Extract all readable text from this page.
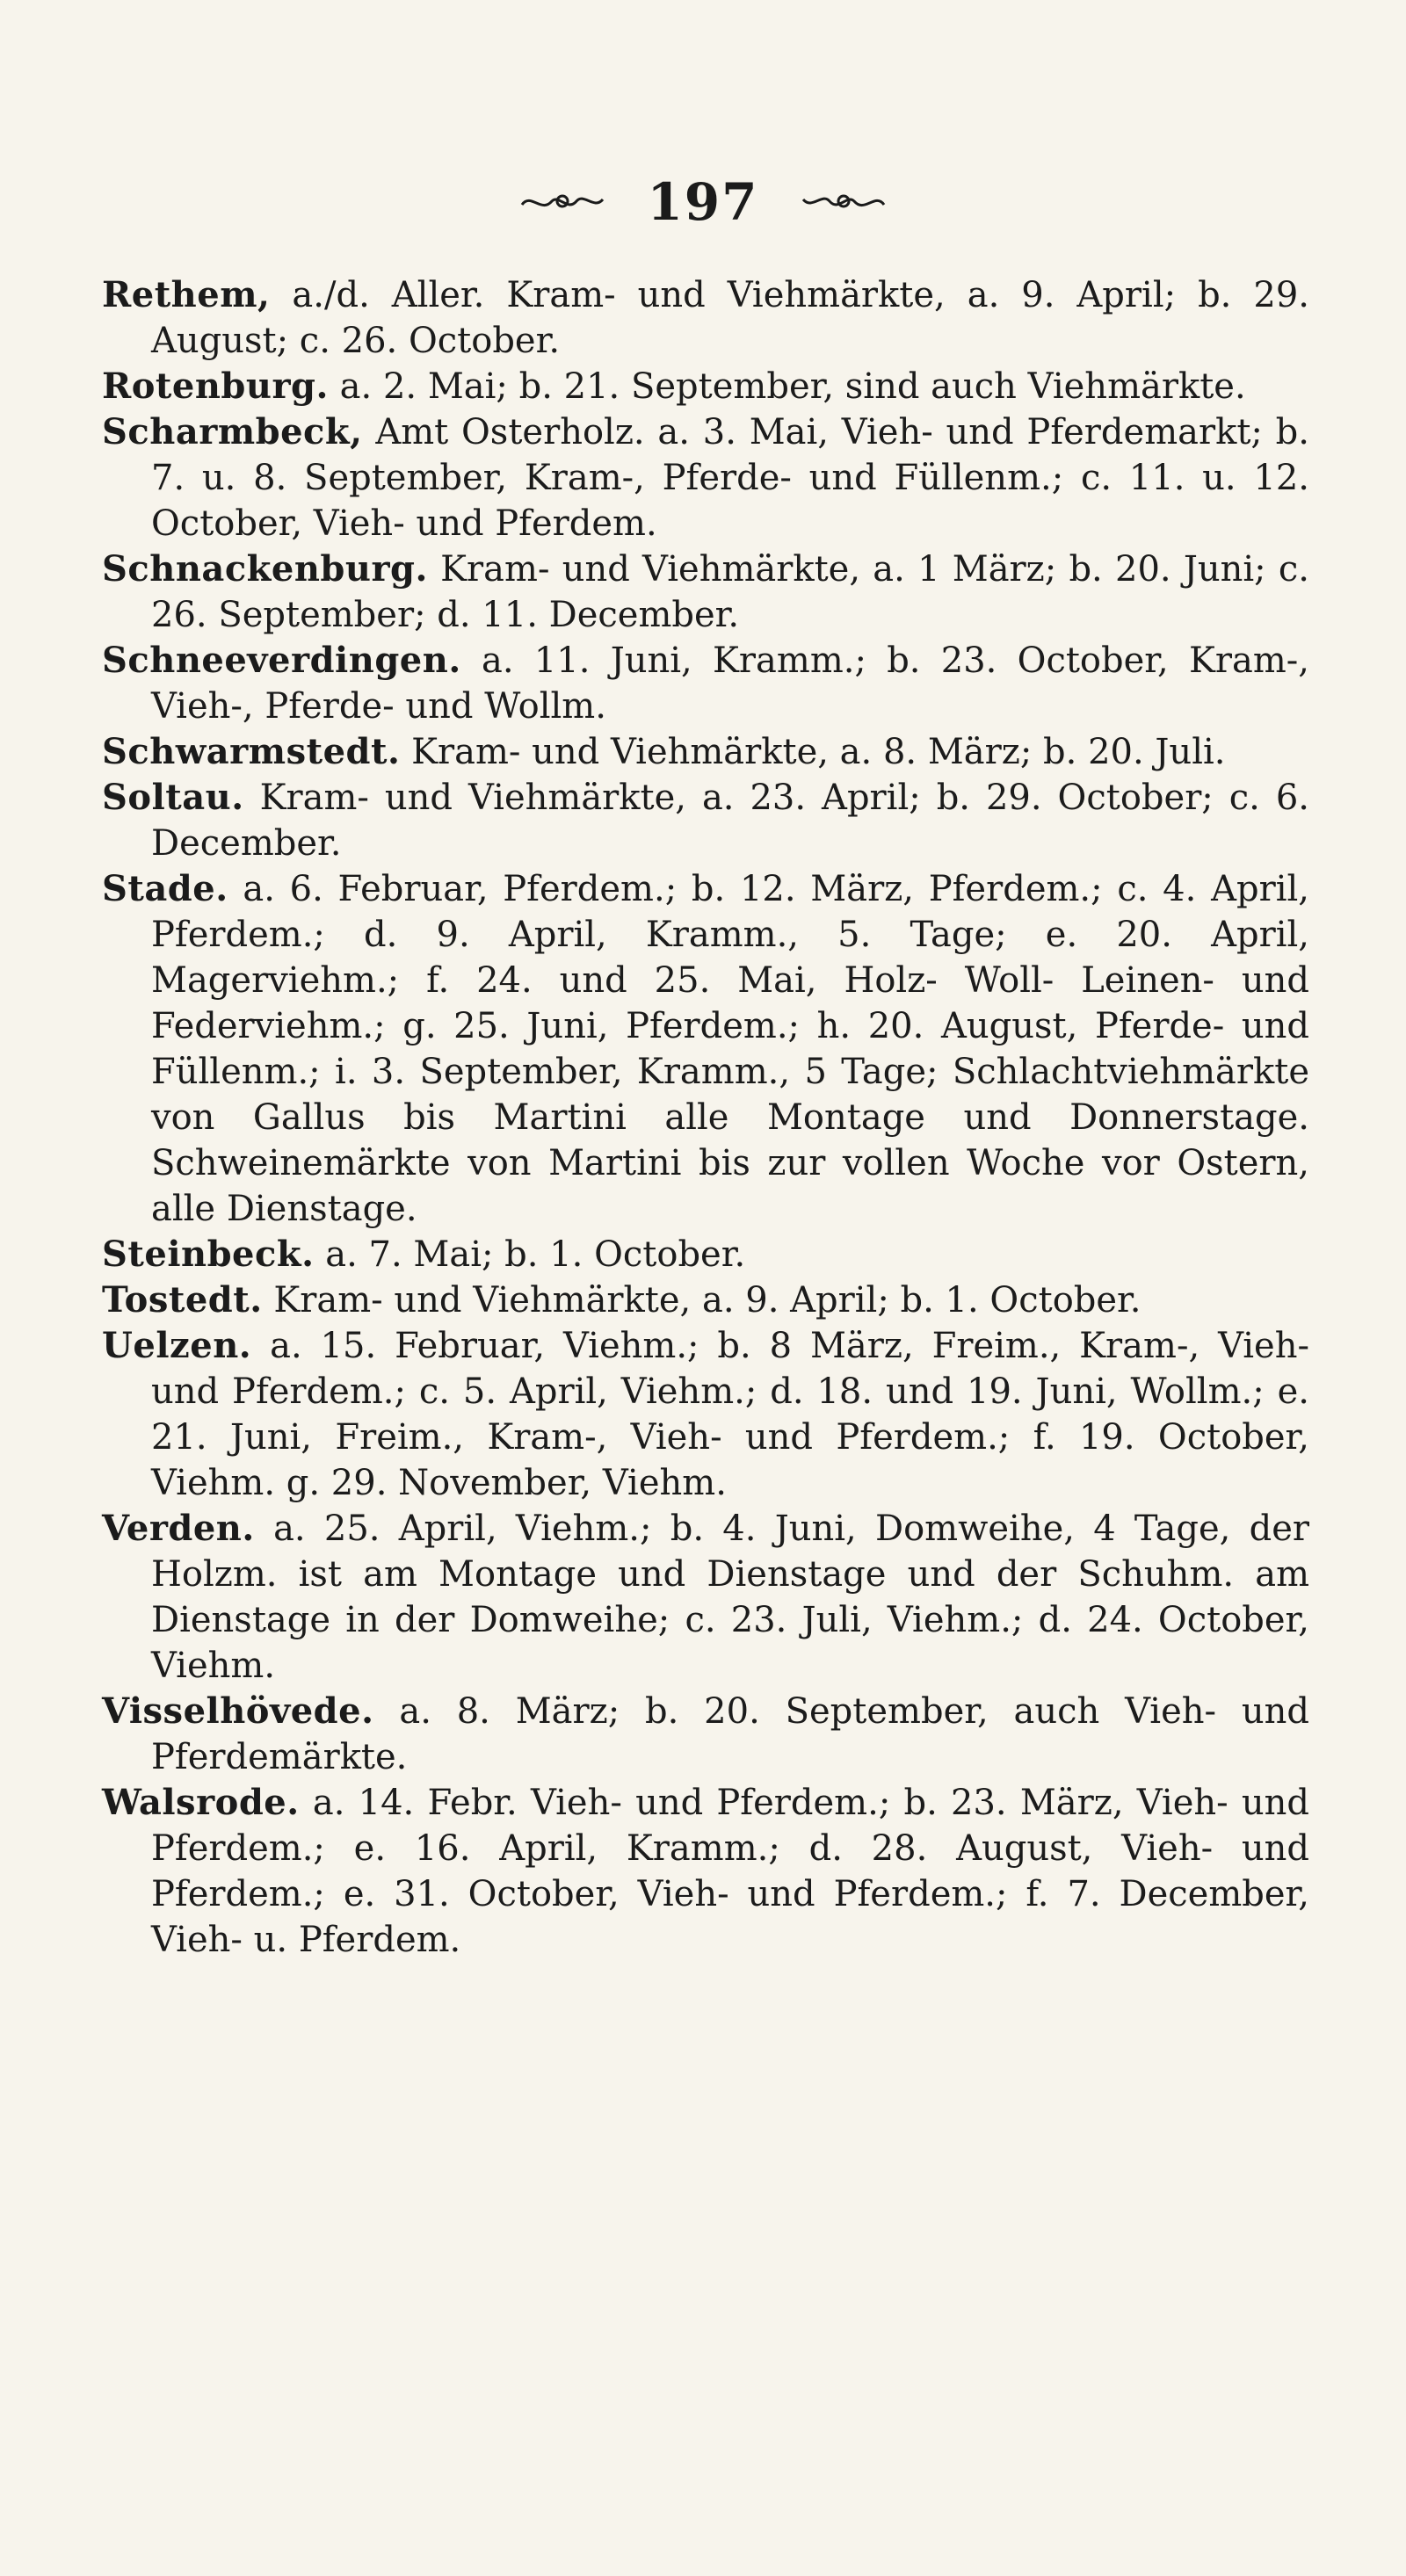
197

Rethem, a./d. Aller. Kram- und Viehmärkte, a. 9. April; b. 29. August; c. 26. October.

Rotenburg. a. 2. Mai; b. 21. September, sind auch Viehmärkte.

Scharmbeck, Amt Osterholz. a. 3. Mai, Vieh- und Pferdemarkt; b. 7. u. 8. September, Kram-, Pferde- und Füllenm.; c. 11. u. 12. October, Vieh- und Pferdem.

Schnackenburg. Kram- und Viehmärkte, a. 1 März; b. 20. Juni; c. 26. September; d. 11. December.

Schneeverdingen. a. 11. Juni, Kramm.; b. 23. October, Kram-, Vieh-, Pferde- und Wollm.

Schwarmstedt. Kram- und Viehmärkte, a. 8. März; b. 20. Juli.

Soltau. Kram- und Viehmärkte, a. 23. April; b. 29. October; c. 6. December.

Stade. a. 6. Februar, Pferdem.; b. 12. März, Pferdem.; c. 4. April, Pferdem.; d. 9. April, Kramm., 5. Tage; e. 20. April, Magerviehm.; f. 24. und 25. Mai, Holz- Woll- Leinen- und Federviehm.; g. 25. Juni, Pferdem.; h. 20. August, Pferde- und Füllenm.; i. 3. September, Kramm., 5 Tage; Schlachtviehmärkte von Gallus bis Martini alle Montage und Donnerstage. Schweinemärkte von Martini bis zur vollen Woche vor Ostern, alle Dienstage.

Steinbeck. a. 7. Mai; b. 1. October.

Tostedt. Kram- und Viehmärkte, a. 9. April; b. 1. October.

Uelzen. a. 15. Februar, Viehm.; b. 8 März, Freim., Kram-, Vieh- und Pferdem.; c. 5. April, Viehm.; d. 18. und 19. Juni, Wollm.; e. 21. Juni, Freim., Kram-, Vieh- und Pferdem.; f. 19. October, Viehm. g. 29. November, Viehm.

Verden. a. 25. April, Viehm.; b. 4. Juni, Domweihe, 4 Tage, der Holzm. ist am Montage und Dienstage und der Schuhm. am Dienstage in der Domweihe; c. 23. Juli, Viehm.; d. 24. October, Viehm.

Visselhövede. a. 8. März; b. 20. September, auch Vieh- und Pferdemärkte.

Walsrode. a. 14. Febr. Vieh- und Pferdem.; b. 23. März, Vieh- und Pferdem.; e. 16. April, Kramm.; d. 28. August, Vieh- und Pferdem.; e. 31. October, Vieh- und Pferdem.; f. 7. December, Vieh- u. Pferdem.
